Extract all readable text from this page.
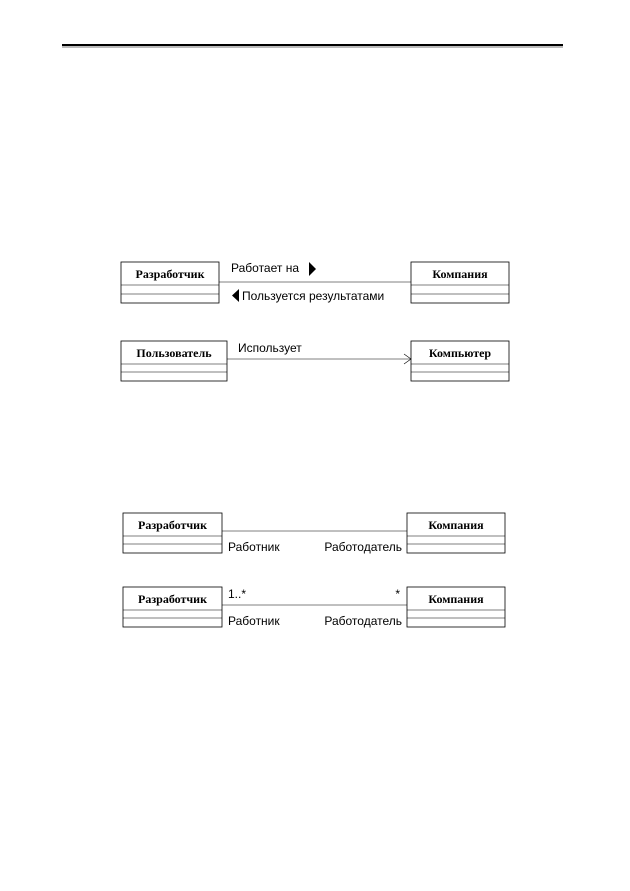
Разработчик	Компания
Работает на
Пользуется результатами
Пользователь	Компьютер
Использует
Разработчик	Компания
Работник	Работодатель
Разработчик	Компания
1..*	*
Работник	Работодатель
